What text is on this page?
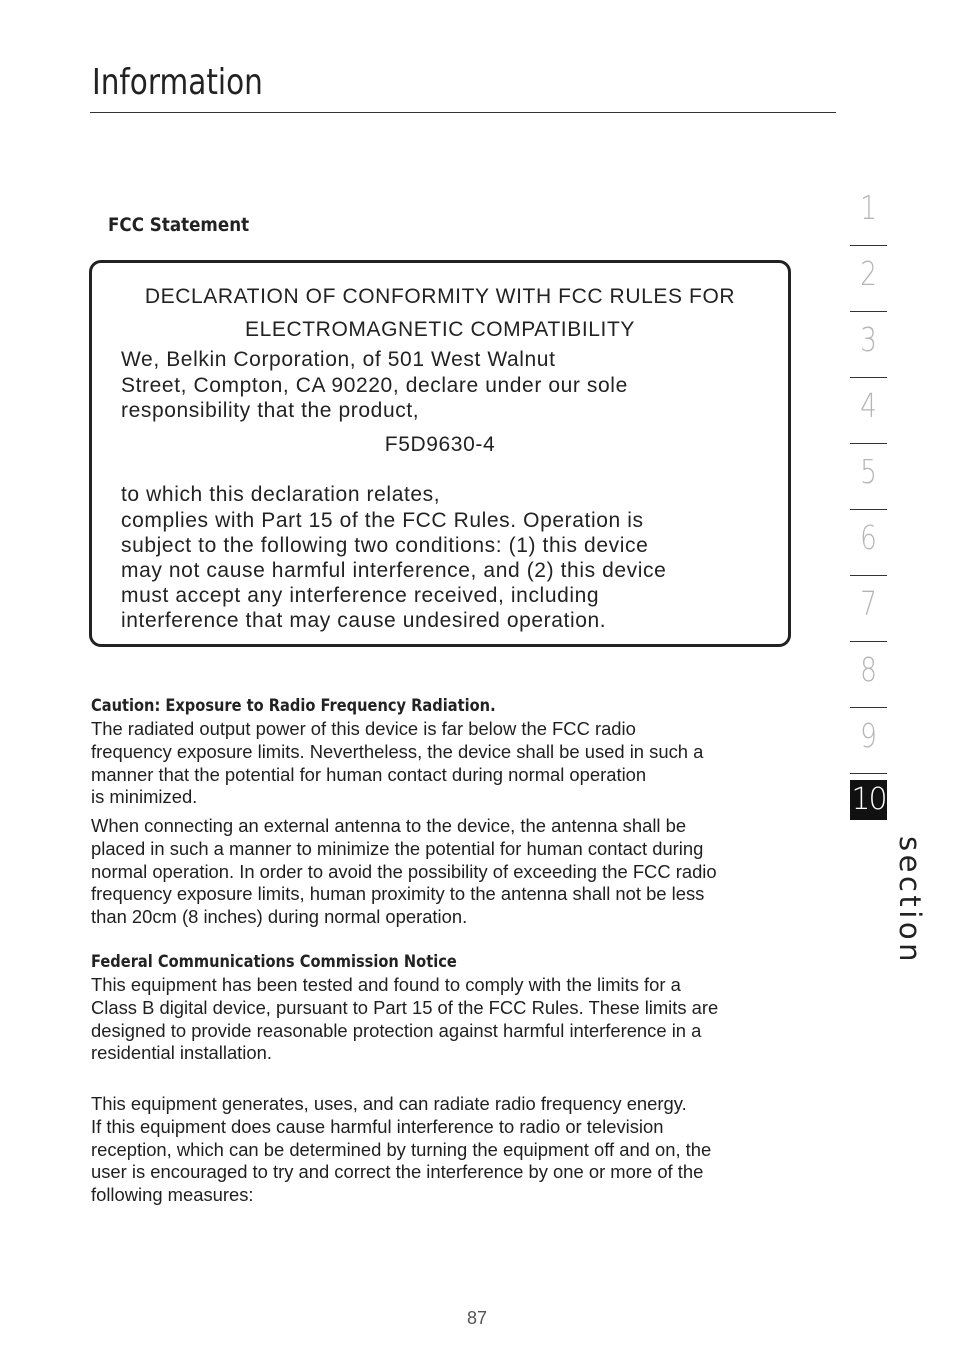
Information
FCC Statement
DECLARATION OF CONFORMITY WITH FCC RULES FOR
ELECTROMAGNETIC COMPATIBILITY
We, Belkin Corporation, of 501 West Walnut
Street, Compton, CA 90220, declare under our sole
responsibility that the product,
F5D9630-4
to which this declaration relates,
complies with Part 15 of the FCC Rules. Operation is
subject to the following two conditions: (1) this device
may not cause harmful interference, and (2) this device
must accept any interference received, including
interference that may cause undesired operation.
Caution: Exposure to Radio Frequency Radiation.
The radiated output power of this device is far below the FCC radio
frequency exposure limits. Nevertheless, the device shall be used in such a
manner that the potential for human contact during normal operation
is minimized.
When connecting an external antenna to the device, the antenna shall be
placed in such a manner to minimize the potential for human contact during
normal operation. In order to avoid the possibility of exceeding the FCC radio
frequency exposure limits, human proximity to the antenna shall not be less
than 20cm (8 inches) during normal operation.
Federal Communications Commission Notice
This equipment has been tested and found to comply with the limits for a
Class B digital device, pursuant to Part 15 of the FCC Rules. These limits are
designed to provide reasonable protection against harmful interference in a
residential installation.
This equipment generates, uses, and can radiate radio frequency energy.
If this equipment does cause harmful interference to radio or television
reception, which can be determined by turning the equipment off and on, the
user is encouraged to try and correct the interference by one or more of the
following measures:
1
2
3
4
5
6
7
8
9
10
section
87
